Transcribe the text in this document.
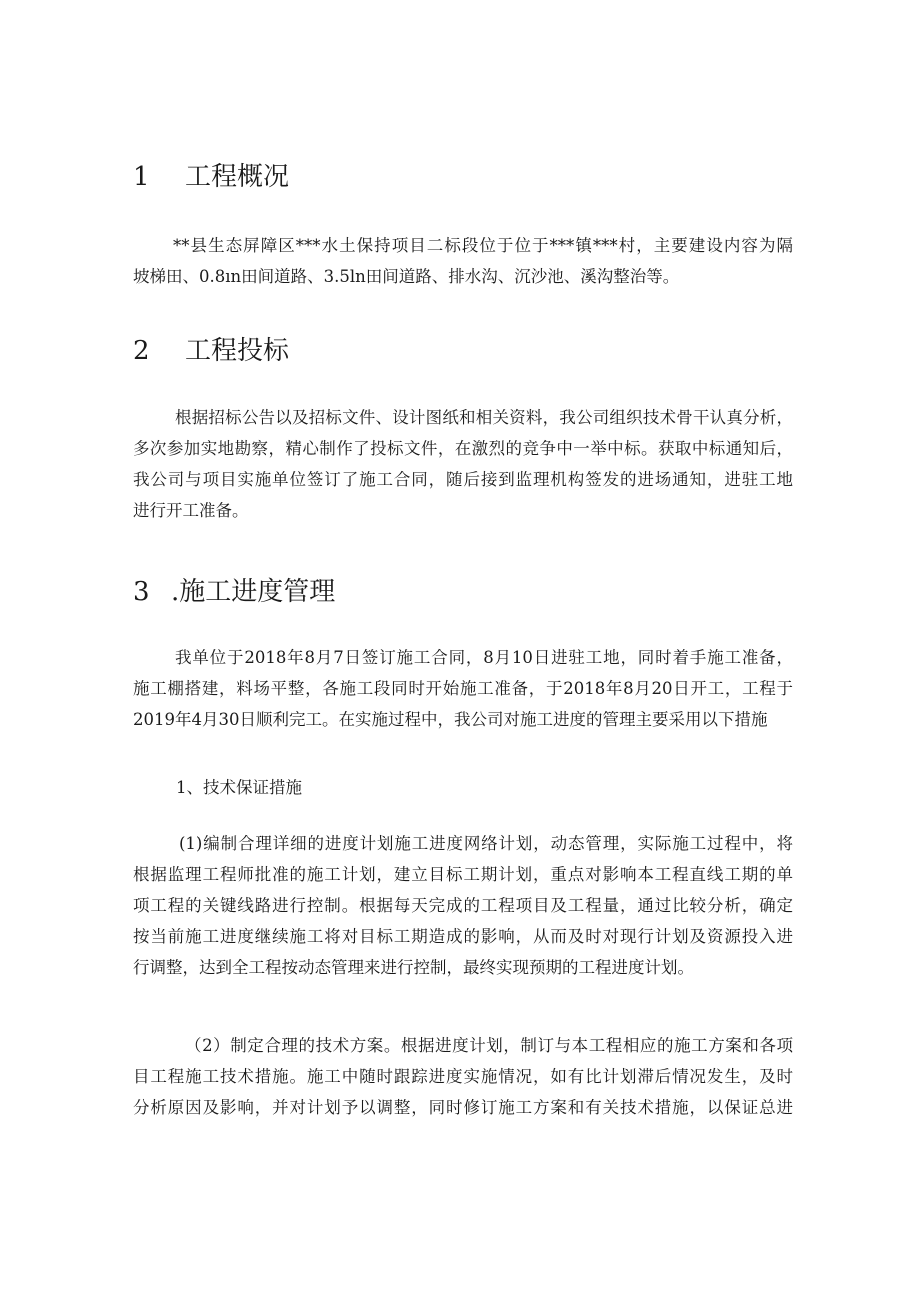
1 工程概况
**县生态屏障区***水土保持项目二标段位于位于***镇***村，主要建设内容为隔
坡梯田、0.8ın田间道路、3.5ln田间道路、排水沟、沉沙池、溪沟整治等。
2 工程投标
根据招标公告以及招标文件、设计图纸和相关资料，我公司组织技术骨干认真分析，
多次参加实地勘察，精心制作了投标文件，在激烈的竞争中一举中标。获取中标通知后，
我公司与项目实施单位签订了施工合同，随后接到监理机构签发的进场通知，进驻工地
进行开工准备。
3 .施工进度管理
我单位于2018年8月7日签订施工合同，8月10日进驻工地，同时着手施工准备，
施工棚搭建，料场平整，各施工段同时开始施工准备，于2018年8月20日开工，工程于
2019年4月30日顺利完工。在实施过程中，我公司对施工进度的管理主要采用以下措施
1、技术保证措施
(1)编制合理详细的进度计划施工进度网络计划，动态管理，实际施工过程中，将
根据监理工程师批准的施工计划，建立目标工期计划，重点对影响本工程直线工期的单
项工程的关键线路进行控制。根据每天完成的工程项目及工程量，通过比较分析，确定
按当前施工进度继续施工将对目标工期造成的影响，从而及时对现行计划及资源投入进
行调整，达到全工程按动态管理来进行控制，最终实现预期的工程进度计划。
（2）制定合理的技术方案。根据进度计划，制订与本工程相应的施工方案和各项
目工程施工技术措施。施工中随时跟踪进度实施情况，如有比计划滞后情况发生，及时
分析原因及影响，并对计划予以调整，同时修订施工方案和有关技术措施，以保证总进
